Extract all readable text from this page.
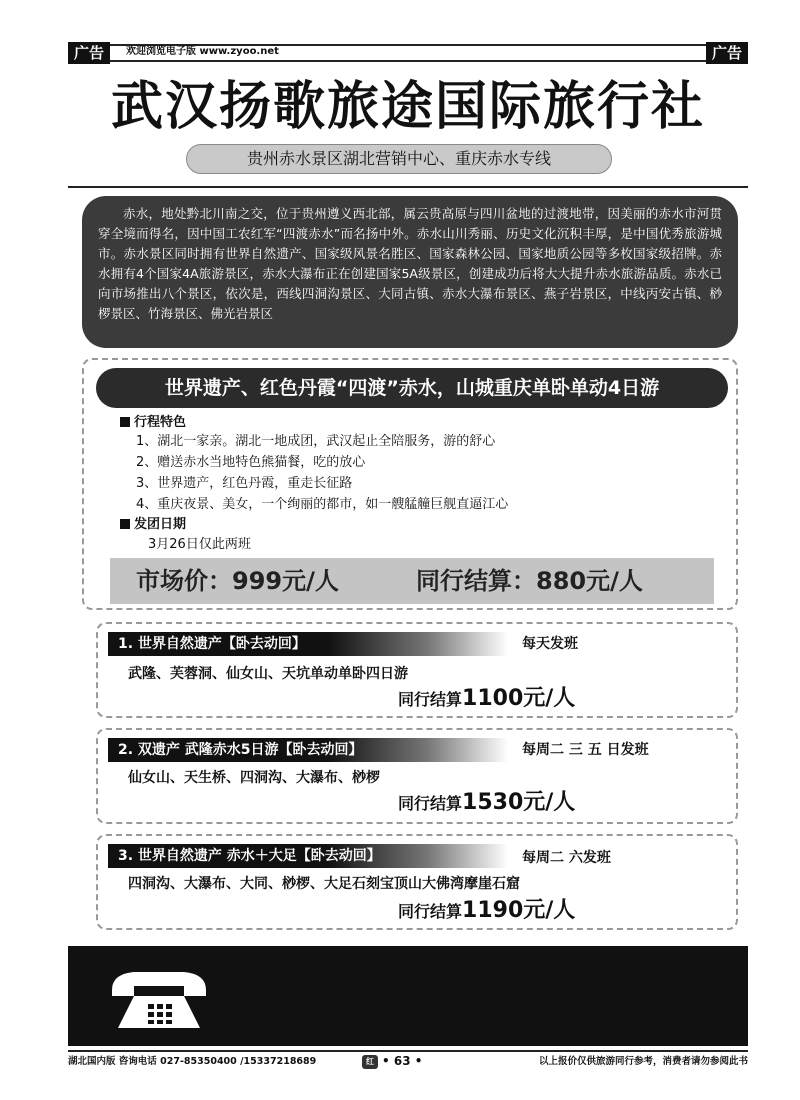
广告	欢迎浏览电子版 www.zyoo.net	广告
武汉扬歌旅途国际旅行社
贵州赤水景区湖北营销中心、重庆赤水专线
赤水，地处黔北川南之交，位于贵州遵义西北部，属云贵高原与四川盆地的过渡地带，因美丽的赤水市河贯穿全境而得名，因中国工农红军“四渡赤水”而名扬中外。赤水山川秀丽、历史文化沉积丰厚，是中国优秀旅游城市。赤水景区同时拥有世界自然遗产、国家级风景名胜区、国家森林公园、国家地质公园等多枚国家级招牌。赤水拥有4个国家4A旅游景区，赤水大瀑布正在创建国家5A级景区，创建成功后将大大提升赤水旅游品质。赤水已向市场推出八个景区，依次是，西线四洞沟景区、大同古镇、赤水大瀑布景区、燕子岩景区，中线丙安古镇、桫椤景区、竹海景区、佛光岩景区
世界遗产、红色丹霞“四渡”赤水，山城重庆单卧单动4日游
行程特色
1、湖北一家亲。湖北一地成团，武汉起止全陪服务，游的舒心
2、赠送赤水当地特色熊猫餐，吃的放心
3、世界遗产，红色丹霞，重走长征路
4、重庆夜景、美女，一个绚丽的都市，如一艘艋艟巨舰直逼江心
发团日期
3月26日仅此两班
市场价：999元/人	同行结算：880元/人
1. 世界自然遗产【卧去动回】	每天发班
武隆、芙蓉洞、仙女山、天坑单动单卧四日游
同行结算1100元/人
2. 双遗产 武隆赤水5日游【卧去动回】	每周二 三 五 日发班
仙女山、天生桥、四洞沟、大瀑布、桫椤
同行结算1530元/人
3. 世界自然遗产 赤水＋大足【卧去动回】	每周二 六发班
四洞沟、大瀑布、大同、桫椤、大足石刻宝顶山大佛湾摩崖石窟
同行结算1190元/人
TEL：027-82267461 FAX：027-82267696
联系人：李茜 18062144282 15957680069
QQ：1638357624 3122917438 3183368462
湖北国内版 咨询电话 027-85350400 /15337218689	红 • 63 •	以上报价仅供旅游同行参考，消费者请勿参阅此书
